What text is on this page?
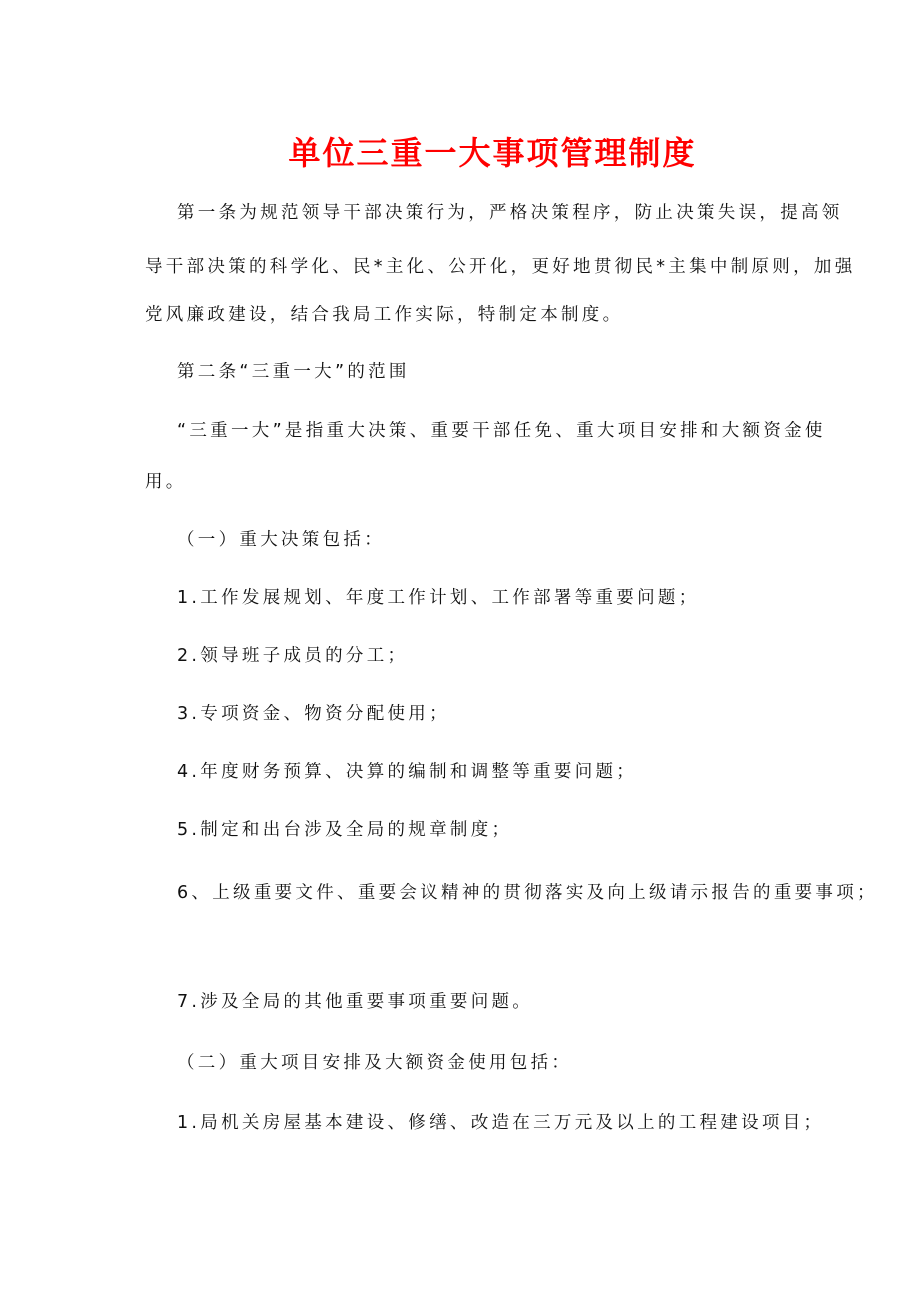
单位三重一大事项管理制度
第一条为规范领导干部决策行为，严格决策程序，防止决策失误，提高领
导干部决策的科学化、民*主化、公开化，更好地贯彻民*主集中制原则，加强
党风廉政建设，结合我局工作实际，特制定本制度。
第二条“三重一大”的范围
“三重一大”是指重大决策、重要干部任免、重大项目安排和大额资金使
用。
（一）重大决策包括：
1.工作发展规划、年度工作计划、工作部署等重要问题；
2.领导班子成员的分工；
3.专项资金、物资分配使用；
4.年度财务预算、决算的编制和调整等重要问题；
5.制定和出台涉及全局的规章制度；
6、上级重要文件、重要会议精神的贯彻落实及向上级请示报告的重要事项；
7.涉及全局的其他重要事项重要问题。
（二）重大项目安排及大额资金使用包括：
1.局机关房屋基本建设、修缮、改造在三万元及以上的工程建设项目；
